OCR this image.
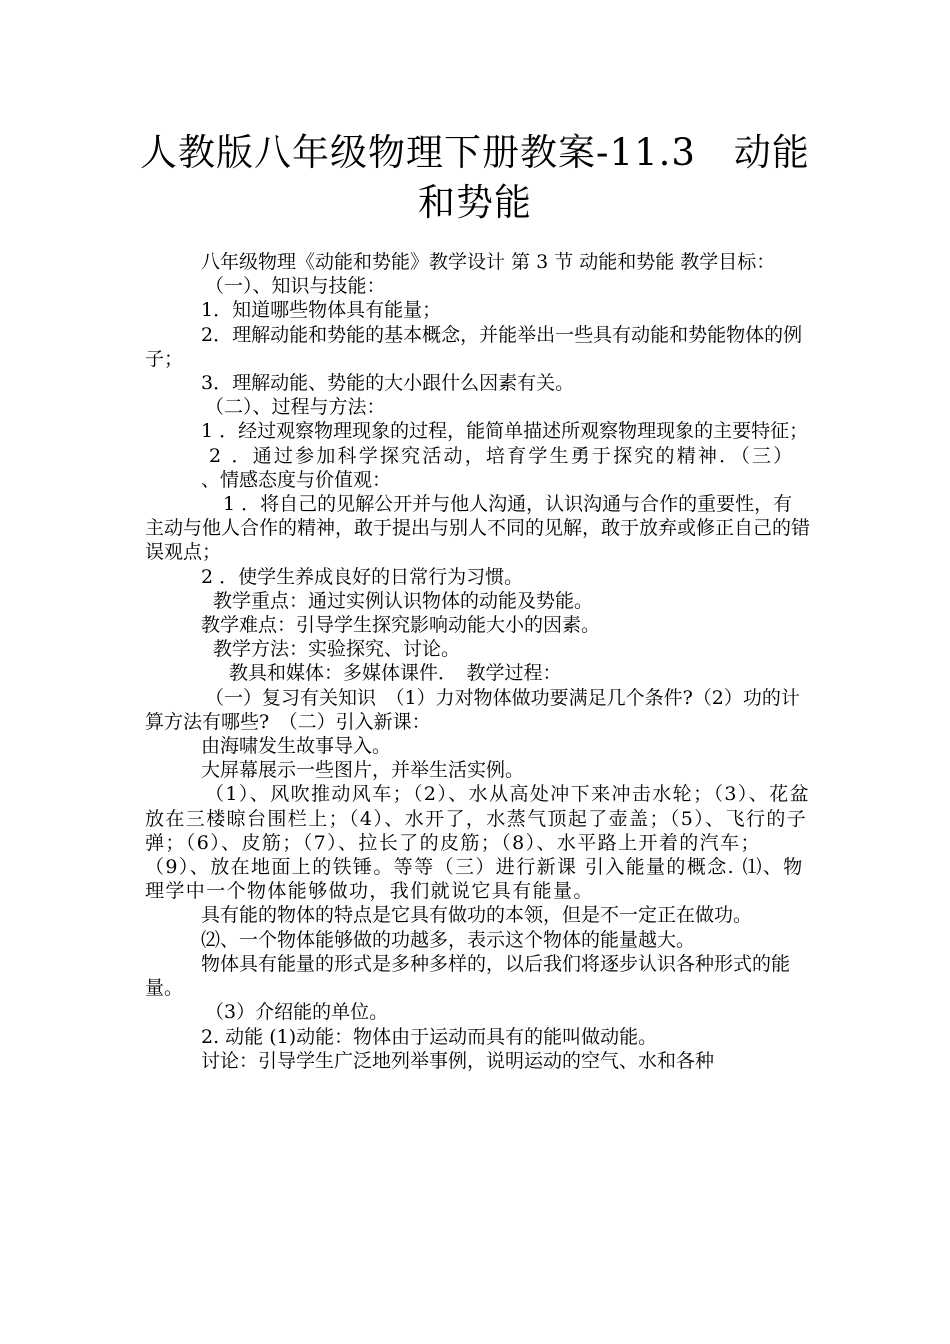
人教版八年级物理下册教案-11.3　动能和势能

八年级物理《动能和势能》教学设计 第 3 节 动能和势能 教学目标：

（一）、知识与技能：

1．知道哪些物体具有能量；

2．理解动能和势能的基本概念，并能举出一些具有动能和势能物体的例子；

3．理解动能、势能的大小跟什么因素有关。

（二）、过程与方法：

1 ．经过观察物理现象的过程，能简单描述所观察物理现象的主要特征；

2 ．通过参加科学探究活动，培育学生勇于探究的精神．（三）

、情感态度与价值观：

1 ．将自己的见解公开并与他人沟通，认识沟通与合作的重要性，有主动与他人合作的精神，敢于提出与别人不同的见解，敢于放弃或修正自己的错误观点；

2 ．使学生养成良好的日常行为习惯。

教学重点：通过实例认识物体的动能及势能。

教学难点：引导学生探究影响动能大小的因素。

教学方法：实验探究、讨论。

教具和媒体：多媒体课件．　教学过程：

（一）复习有关知识　（1）力对物体做功要满足几个条件?（2）功的计算方法有哪些?　（二）引入新课：

由海啸发生故事导入。

大屏幕展示一些图片，并举生活实例。

（1）、风吹推动风车；（2）、水从高处冲下来冲击水轮；（3）、花盆放在三楼晾台围栏上；（4）、水开了，水蒸气顶起了壶盖；（5）、飞行的子弹；（6）、皮筋；（7）、拉长了的皮筋；（8）、水平路上开着的汽车；（9）、放在地面上的铁锤。等等（三）进行新课 引入能量的概念. ⑴、物理学中一个物体能够做功，我们就说它具有能量。

具有能的物体的特点是它具有做功的本领，但是不一定正在做功。

⑵、一个物体能够做的功越多，表示这个物体的能量越大。

物体具有能量的形式是多种多样的，以后我们将逐步认识各种形式的能量。

（3）介绍能的单位。

2. 动能 (1)动能：物体由于运动而具有的能叫做动能。

讨论：引导学生广泛地列举事例，说明运动的空气、水和各种
